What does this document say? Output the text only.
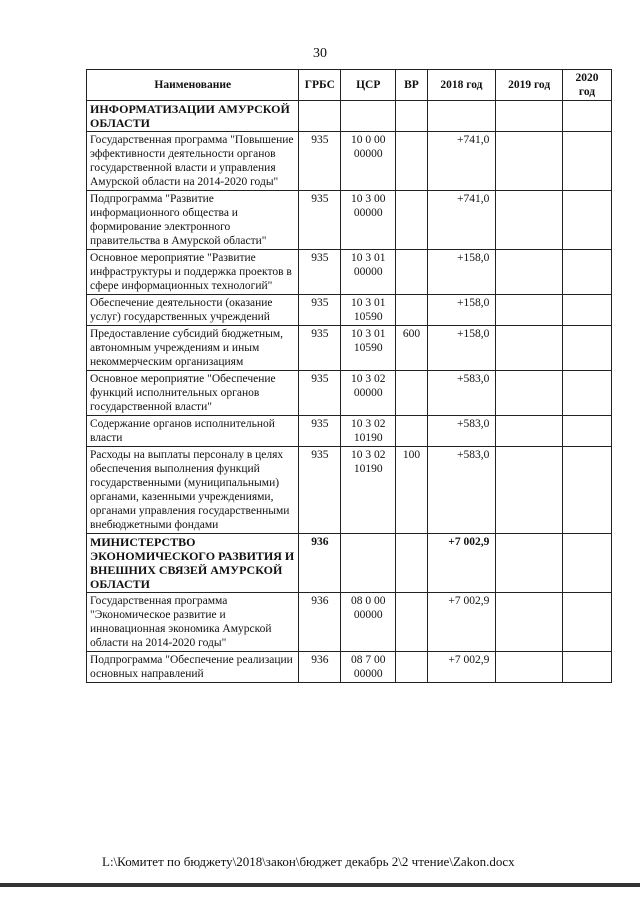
30
Наименование	ГРБС	ЦСР	ВР	2018 год	2019 год	2020 год
ИНФОРМАТИЗАЦИИ АМУРСКОЙ ОБЛАСТИ						
Государственная программа "Повышение эффективности деятельности органов государственной власти и управления Амурской области на 2014-2020 годы"	935	10 0 00 00000		+741,0		
Подпрограмма "Развитие информационного общества и формирование электронного правительства в Амурской области"	935	10 3 00 00000		+741,0		
Основное мероприятие "Развитие инфраструктуры и поддержка проектов в сфере информационных технологий"	935	10 3 01 00000		+158,0		
Обеспечение деятельности (оказание услуг) государственных учреждений	935	10 3 01 10590		+158,0		
Предоставление субсидий бюджетным, автономным учреждениям и иным некоммерческим организациям	935	10 3 01 10590	600	+158,0		
Основное мероприятие "Обеспечение функций исполнительных органов государственной власти"	935	10 3 02 00000		+583,0		
Содержание органов исполнительной власти	935	10 3 02 10190		+583,0		
Расходы на выплаты персоналу в целях обеспечения выполнения функций государственными (муниципальными) органами, казенными учреждениями, органами управления государственными внебюджетными фондами	935	10 3 02 10190	100	+583,0		
МИНИСТЕРСТВО ЭКОНОМИЧЕСКОГО РАЗВИТИЯ И ВНЕШНИХ СВЯЗЕЙ АМУРСКОЙ ОБЛАСТИ	936			+7 002,9		
Государственная программа "Экономическое развитие и инновационная экономика Амурской области на 2014-2020 годы"	936	08 0 00 00000		+7 002,9		
Подпрограмма "Обеспечение реализации основных направлений	936	08 7 00 00000		+7 002,9		
L:\Комитет по бюджету\2018\закон\бюджет декабрь 2\2 чтение\Zakon.docx
